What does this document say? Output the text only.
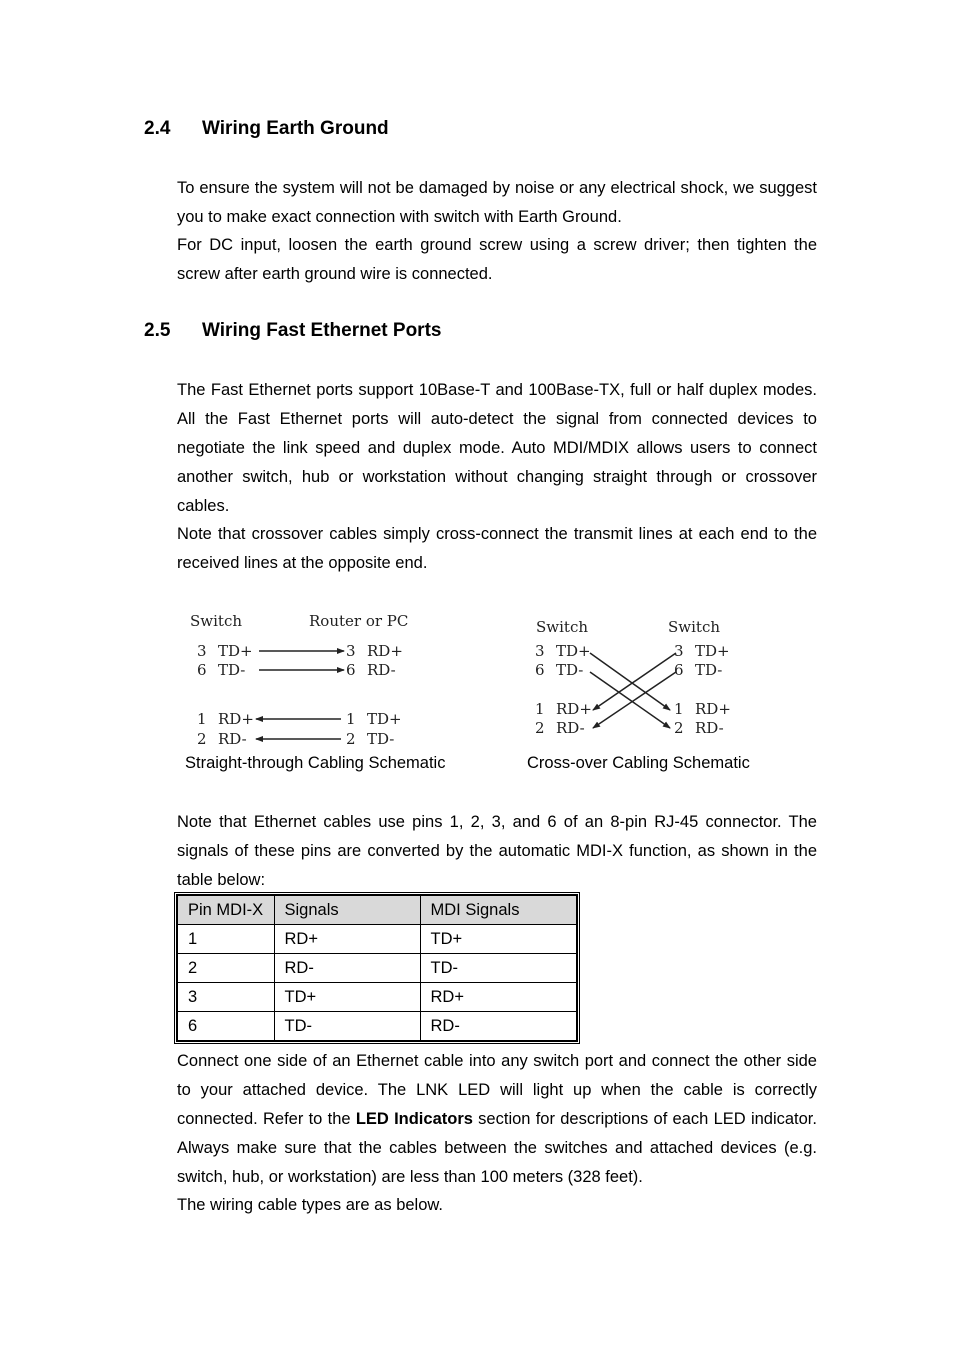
2.4 Wiring Earth Ground

To ensure the system will not be damaged by noise or any electrical shock, we suggest you to make exact connection with switch with Earth Ground.

For DC input, loosen the earth ground screw using a screw driver; then tighten the screw after earth ground wire is connected.

2.5 Wiring Fast Ethernet Ports

The Fast Ethernet ports support 10Base-T and 100Base-TX, full or half duplex modes. All the Fast Ethernet ports will auto-detect the signal from connected devices to negotiate the link speed and duplex mode. Auto MDI/MDIX allows users to connect another switch, hub or workstation without changing straight through or crossover cables.

Note that crossover cables simply cross-connect the transmit lines at each end to the received lines at the opposite end.

Switch	Router or PC
3 TD+
6 TD-
1 RD+
2 RD-
3 RD+
6 RD-
1 TD+
2 TD-
Straight-through Cabling Schematic
Switch	Switch
3 TD+
6 TD-
1 RD+
2 RD-
3 TD+
6 TD-
1 RD+
2 RD-
Cross-over Cabling Schematic

Note that Ethernet cables use pins 1, 2, 3, and 6 of an 8-pin RJ-45 connector. The signals of these pins are converted by the automatic MDI-X function, as shown in the table below:

Pin MDI-X	Signals	MDI Signals
1	RD+	TD+
2	RD-	TD-
3	TD+	RD+
6	TD-	RD-

Connect one side of an Ethernet cable into any switch port and connect the other side to your attached device. The LNK LED will light up when the cable is correctly connected. Refer to the LED Indicators section for descriptions of each LED indicator. Always make sure that the cables between the switches and attached devices (e.g. switch, hub, or workstation) are less than 100 meters (328 feet).

The wiring cable types are as below.
